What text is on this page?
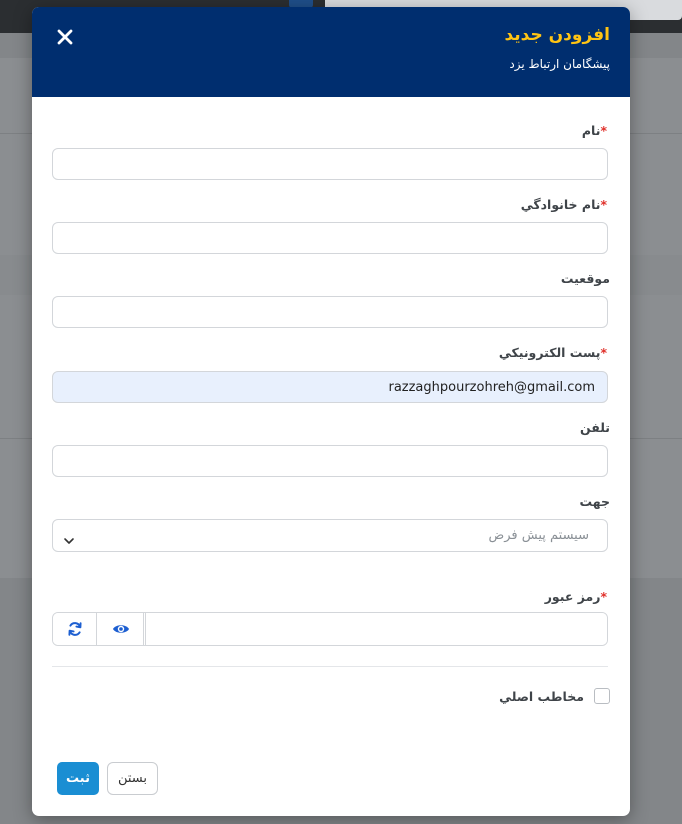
افزودن جديد
پيشگامان ارتباط يزد
*نام
*نام خانوادگي
موقعيت
*پست الكترونيكي
razzaghpourzohreh@gmail.com
تلفن
جهت
سيستم پيش فرض
*رمز عبور
مخاطب اصلي
ثبت	بستن
